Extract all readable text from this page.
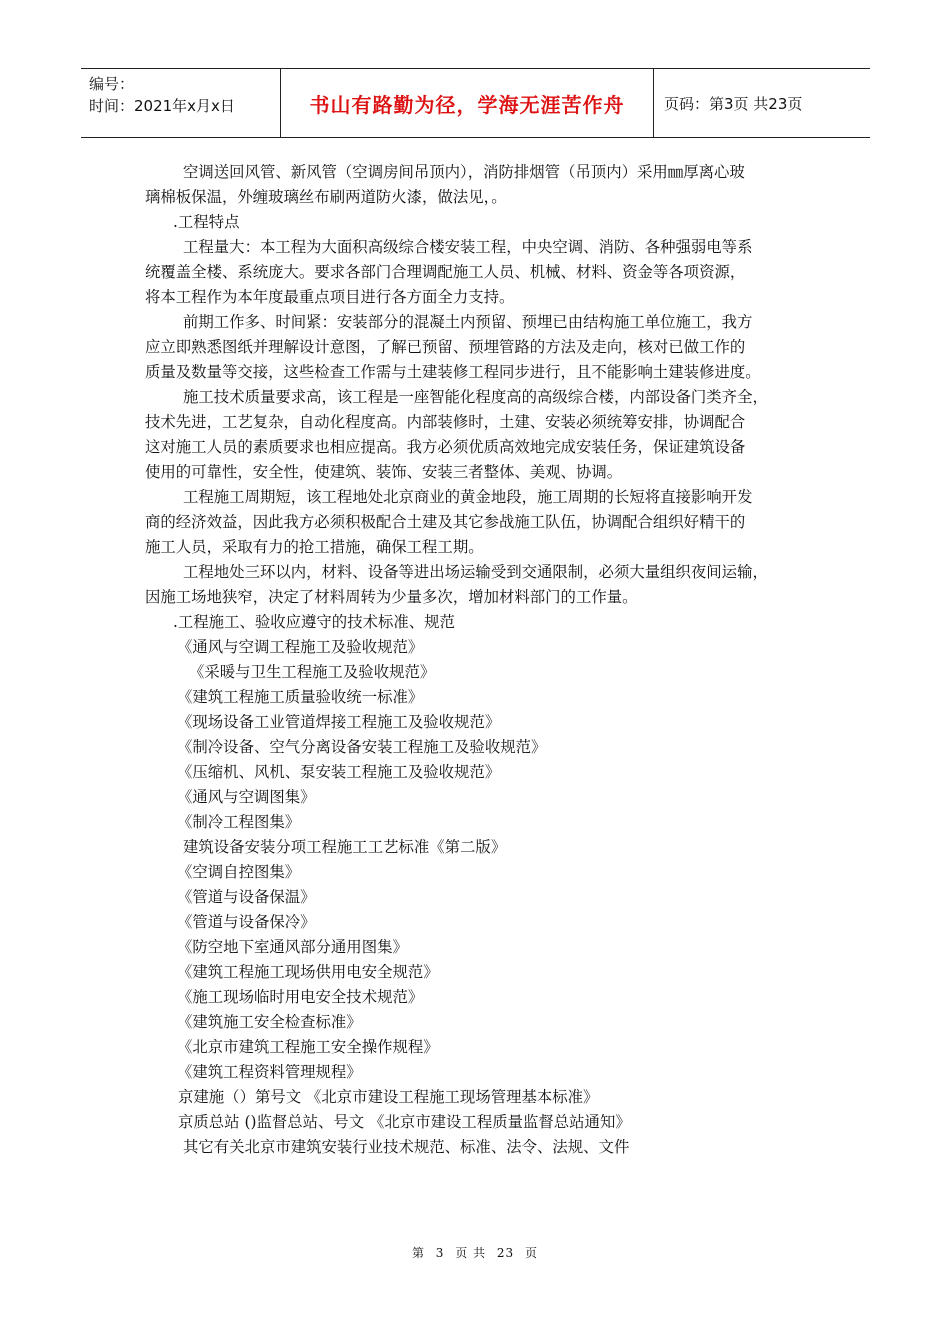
编号：
时间：2021年x月x日	书山有路勤为径，学海无涯苦作舟	页码：第3页 共23页
空调送回风管、新风管（空调房间吊顶内），消防排烟管（吊顶内）采用㎜厚离心玻
璃棉板保温，外缠玻璃丝布刷两道防火漆，做法见，。
.工程特点
工程量大：本工程为大面积高级综合楼安装工程，中央空调、消防、各种强弱电等系
统覆盖全楼、系统庞大。要求各部门合理调配施工人员、机械、材料、资金等各项资源，
将本工程作为本年度最重点项目进行各方面全力支持。
前期工作多、时间紧：安装部分的混凝土内预留、预埋已由结构施工单位施工，我方
应立即熟悉图纸并理解设计意图，了解已预留、预埋管路的方法及走向，核对已做工作的
质量及数量等交接，这些检查工作需与土建装修工程同步进行，且不能影响土建装修进度。
施工技术质量要求高，该工程是一座智能化程度高的高级综合楼，内部设备门类齐全，
技术先进，工艺复杂，自动化程度高。内部装修时，土建、安装必须统筹安排，协调配合
这对施工人员的素质要求也相应提高。我方必须优质高效地完成安装任务，保证建筑设备
使用的可靠性，安全性，使建筑、装饰、安装三者整体、美观、协调。
工程施工周期短，该工程地处北京商业的黄金地段，施工周期的长短将直接影响开发
商的经济效益，因此我方必须积极配合土建及其它参战施工队伍，协调配合组织好精干的
施工人员，采取有力的抢工措施，确保工程工期。
工程地处三环以内，材料、设备等进出场运输受到交通限制，必须大量组织夜间运输，
因施工场地狭窄，决定了材料周转为少量多次，增加材料部门的工作量。
.工程施工、验收应遵守的技术标准、规范
《通风与空调工程施工及验收规范》
《采暖与卫生工程施工及验收规范》
《建筑工程施工质量验收统一标准》
《现场设备工业管道焊接工程施工及验收规范》
《制冷设备、空气分离设备安装工程施工及验收规范》
《压缩机、风机、泵安装工程施工及验收规范》
《通风与空调图集》
《制冷工程图集》
建筑设备安装分项工程施工工艺标准《第二版》
《空调自控图集》
《管道与设备保温》
《管道与设备保冷》
《防空地下室通风部分通用图集》
《建筑工程施工现场供用电安全规范》
《施工现场临时用电安全技术规范》
《建筑施工安全检查标准》
《北京市建筑工程施工安全操作规程》
《建筑工程资料管理规程》
京建施（）第号文 《北京市建设工程施工现场管理基本标准》
京质总站 ()监督总站、号文 《北京市建设工程质量监督总站通知》
其它有关北京市建筑安装行业技术规范、标准、法令、法规、文件
第 3 页 共 23 页
